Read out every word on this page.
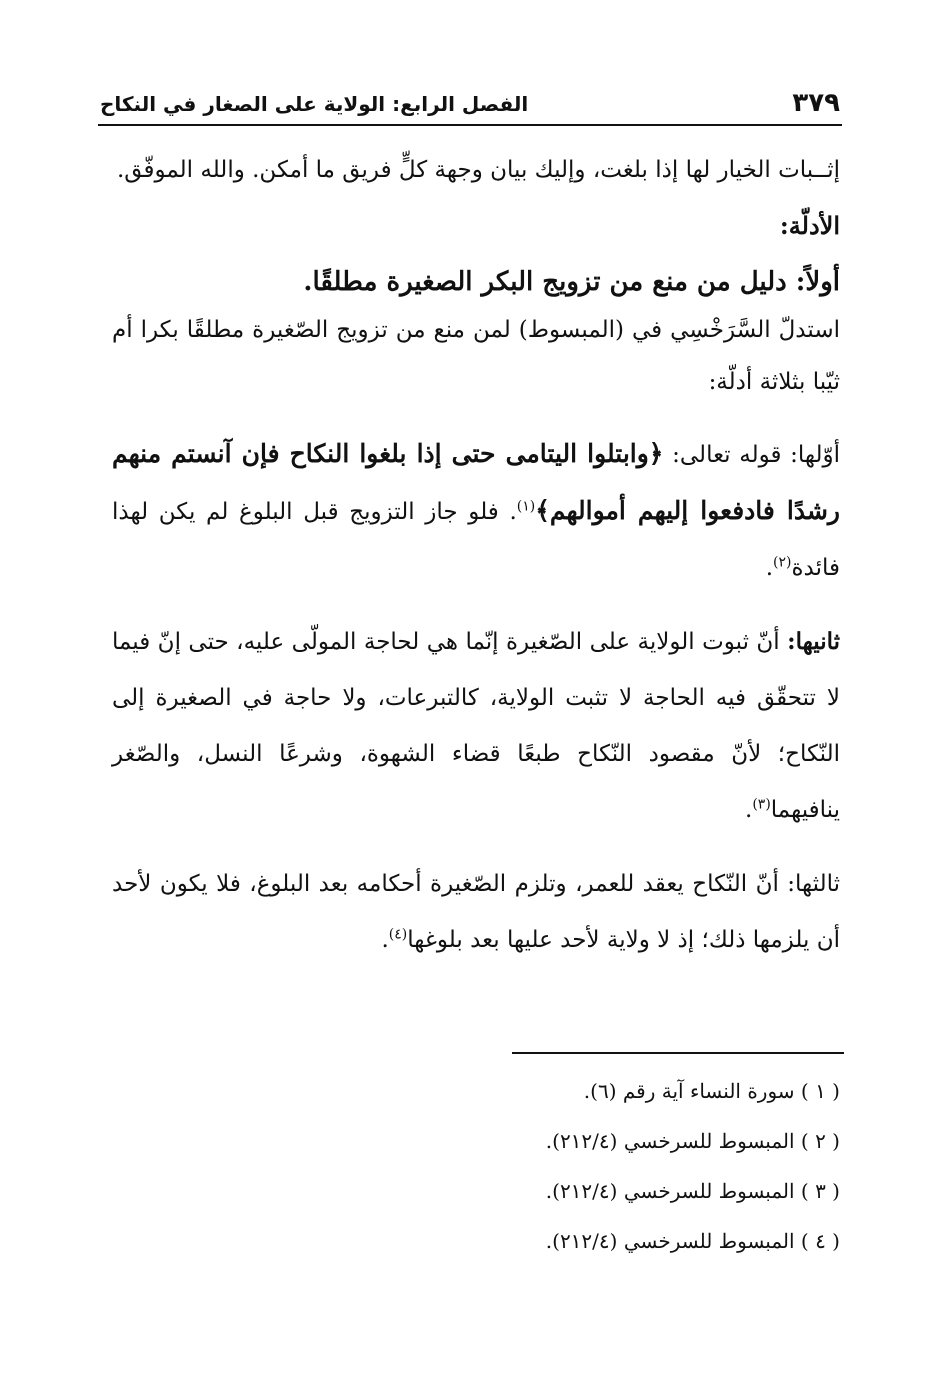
٣٧٩
الفصل الرابع: الولاية على الصغار في النكاح

إثــبات الخيار لها إذا بلغت، وإليك بيان وجهة كلٍّ فريق ما أمكن. والله الموفّق.

الأدلّة:

أولاً: دليل من منع من تزويج البكر الصغيرة مطلقًا.

استدلّ السَّرَخْسِي في (المبسوط) لمن منع من تزويج الصّغيرة مطلقًا بكرا أم ثيّبا بثلاثة أدلّة:

أوّلها: قوله تعالى: ﴿وابتلوا اليتامى حتى إذا بلغوا النكاح فإن آنستم منهم رشدًا فادفعوا إليهم أموالهم﴾$^{(١)}$. فلو جاز التزويج قبل البلوغ لم يكن لهذا فائدة$^{(٢)}$.

ثانيها: أنّ ثبوت الولاية على الصّغيرة إنّما هي لحاجة المولّى عليه، حتى إنّ فيما لا تتحقّق فيه الحاجة لا تثبت الولاية، كالتبرعات، ولا حاجة في الصغيرة إلى النّكاح؛ لأنّ مقصود النّكاح طبعًا قضاء الشهوة، وشرعًا النسل، والصّغر ينافيهما$^{(٣)}$.

ثالثها: أنّ النّكاح يعقد للعمر، وتلزم الصّغيرة أحكامه بعد البلوغ، فلا يكون لأحد أن يلزمها ذلك؛ إذ لا ولاية لأحد عليها بعد بلوغها$^{(٤)}$.

( ١ ) سورة النساء آية رقم (٦).
( ٢ ) المبسوط للسرخسي (٢١٢/٤).
( ٣ ) المبسوط للسرخسي (٢١٢/٤).
( ٤ ) المبسوط للسرخسي (٢١٢/٤).
